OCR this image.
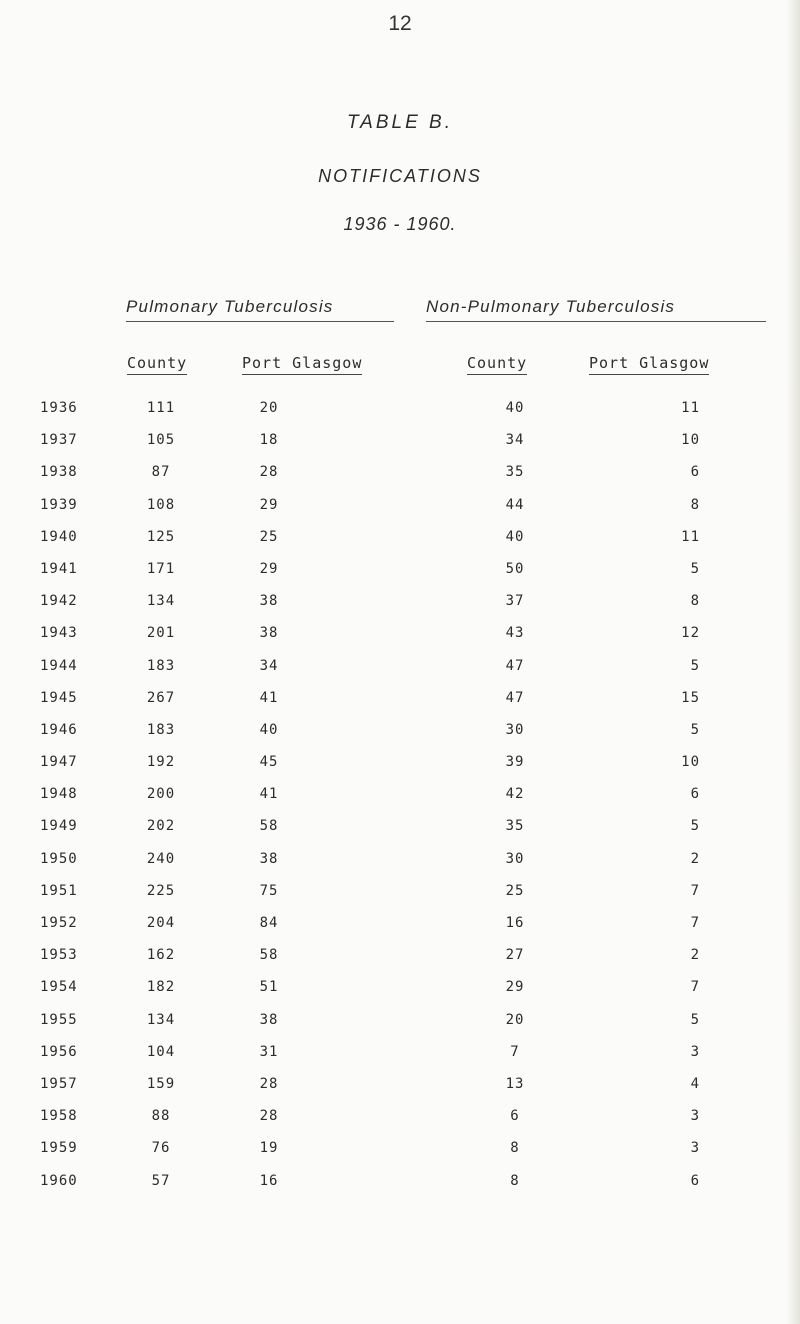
12
TABLE B.
NOTIFICATIONS
1936 - 1960.
Pulmonary Tuberculosis	Non-Pulmonary Tuberculosis
County	Port Glasgow	County	Port Glasgow
1936	111	20	40	11
1937	105	18	34	10
1938	87	28	35	6
1939	108	29	44	8
1940	125	25	40	11
1941	171	29	50	5
1942	134	38	37	8
1943	201	38	43	12
1944	183	34	47	5
1945	267	41	47	15
1946	183	40	30	5
1947	192	45	39	10
1948	200	41	42	6
1949	202	58	35	5
1950	240	38	30	2
1951	225	75	25	7
1952	204	84	16	7
1953	162	58	27	2
1954	182	51	29	7
1955	134	38	20	5
1956	104	31	7	3
1957	159	28	13	4
1958	88	28	6	3
1959	76	19	8	3
1960	57	16	8	6
